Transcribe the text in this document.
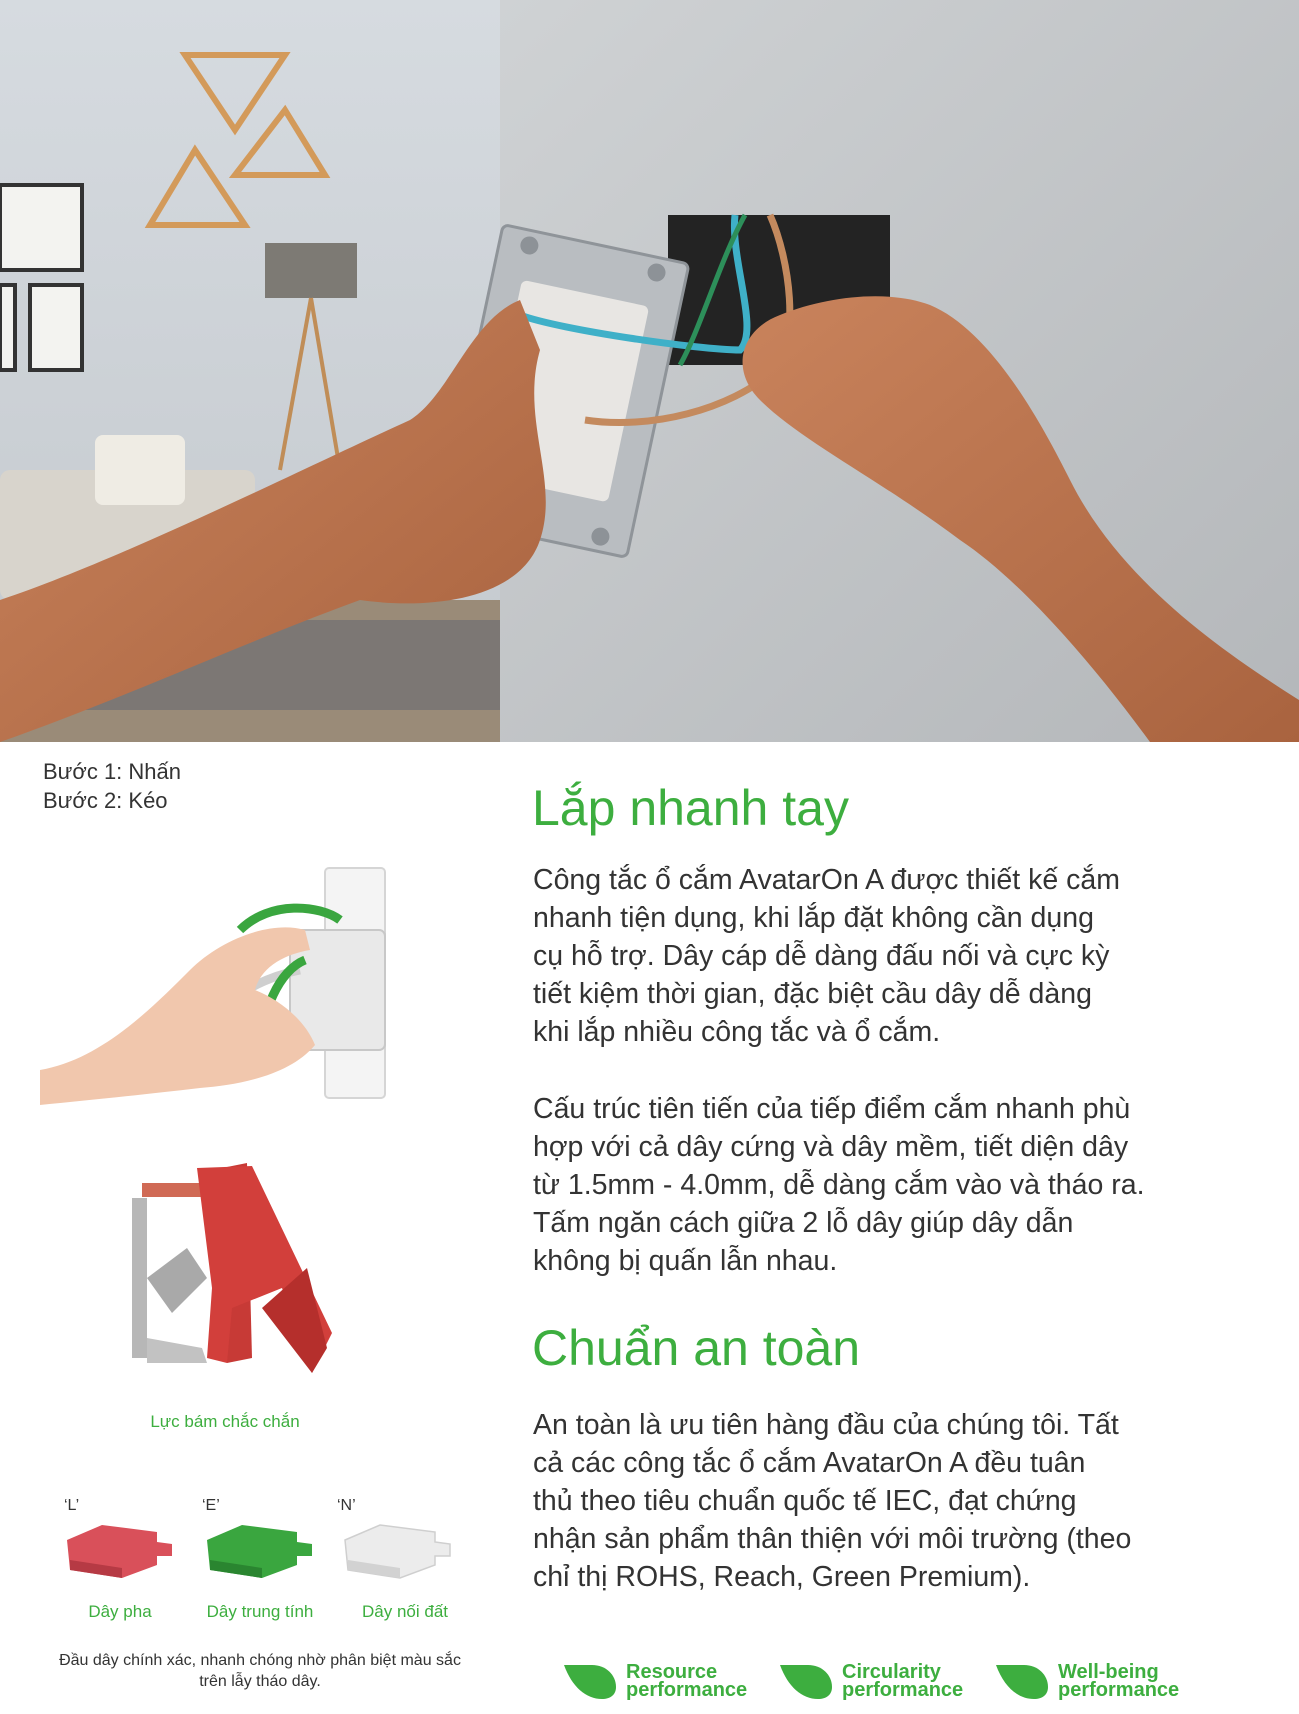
Bước 1: Nhấn
Bước 2: Kéo
Lực bám chắc chắn
‘L’	‘E’	‘N’
Dây pha	Dây trung tính	Dây nối đất
Đầu dây chính xác, nhanh chóng nhờ phân biệt màu sắc
trên lẫy tháo dây.
Lắp nhanh tay
Công tắc ổ cắm AvatarOn A được thiết kế cắm
nhanh tiện dụng, khi lắp đặt không cần dụng
cụ hỗ trợ. Dây cáp dễ dàng đấu nối và cực kỳ
tiết kiệm thời gian, đặc biệt cầu dây dễ dàng
khi lắp nhiều công tắc và ổ cắm.
Cấu trúc tiên tiến của tiếp điểm cắm nhanh phù
hợp với cả dây cứng và dây mềm, tiết diện dây
từ 1.5mm - 4.0mm, dễ dàng cắm vào và tháo ra.
Tấm ngăn cách giữa 2 lỗ dây giúp dây dẫn
không bị quấn lẫn nhau.
Chuẩn an toàn
An toàn là ưu tiên hàng đầu của chúng tôi. Tất
cả các công tắc ổ cắm AvatarOn A đều tuân
thủ theo tiêu chuẩn quốc tế IEC, đạt chứng
nhận sản phẩm thân thiện với môi trường (theo
chỉ thị ROHS, Reach, Green Premium).
Resource
performance
Circularity
performance
Well-being
performance
